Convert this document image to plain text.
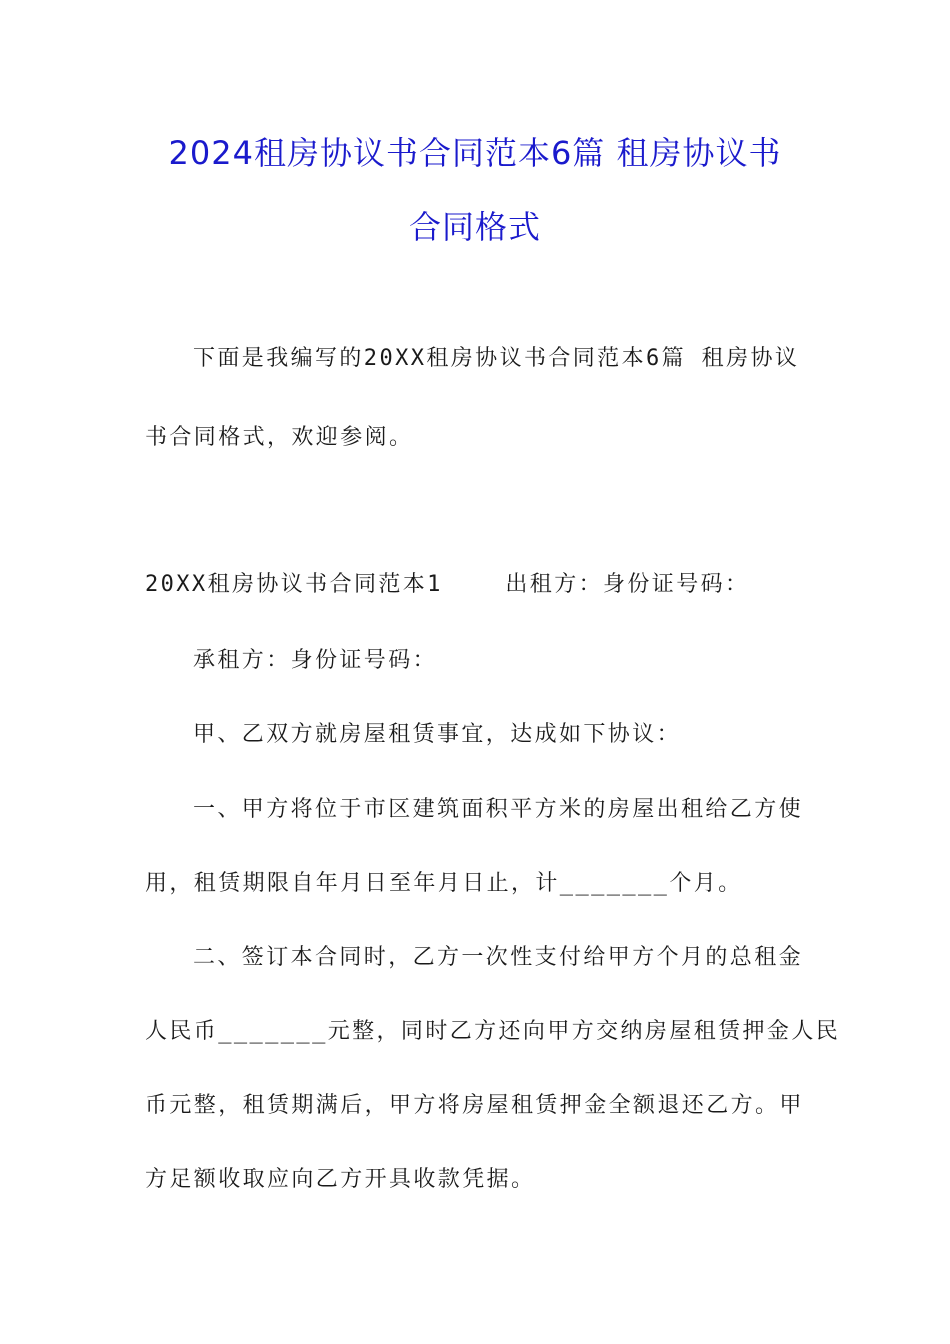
2024租房协议书合同范本6篇 租房协议书
合同格式
下面是我编写的20XX租房协议书合同范本6篇 租房协议
书合同格式，欢迎参阅。
20XX租房协议书合同范本1    出租方：身份证号码：
承租方：身份证号码：
甲、乙双方就房屋租赁事宜，达成如下协议：
一、甲方将位于市区建筑面积平方米的房屋出租给乙方使
用，租赁期限自年月日至年月日止，计_______个月。
二、签订本合同时，乙方一次性支付给甲方个月的总租金
人民币_______元整，同时乙方还向甲方交纳房屋租赁押金人民
币元整，租赁期满后，甲方将房屋租赁押金全额退还乙方。甲
方足额收取应向乙方开具收款凭据。
